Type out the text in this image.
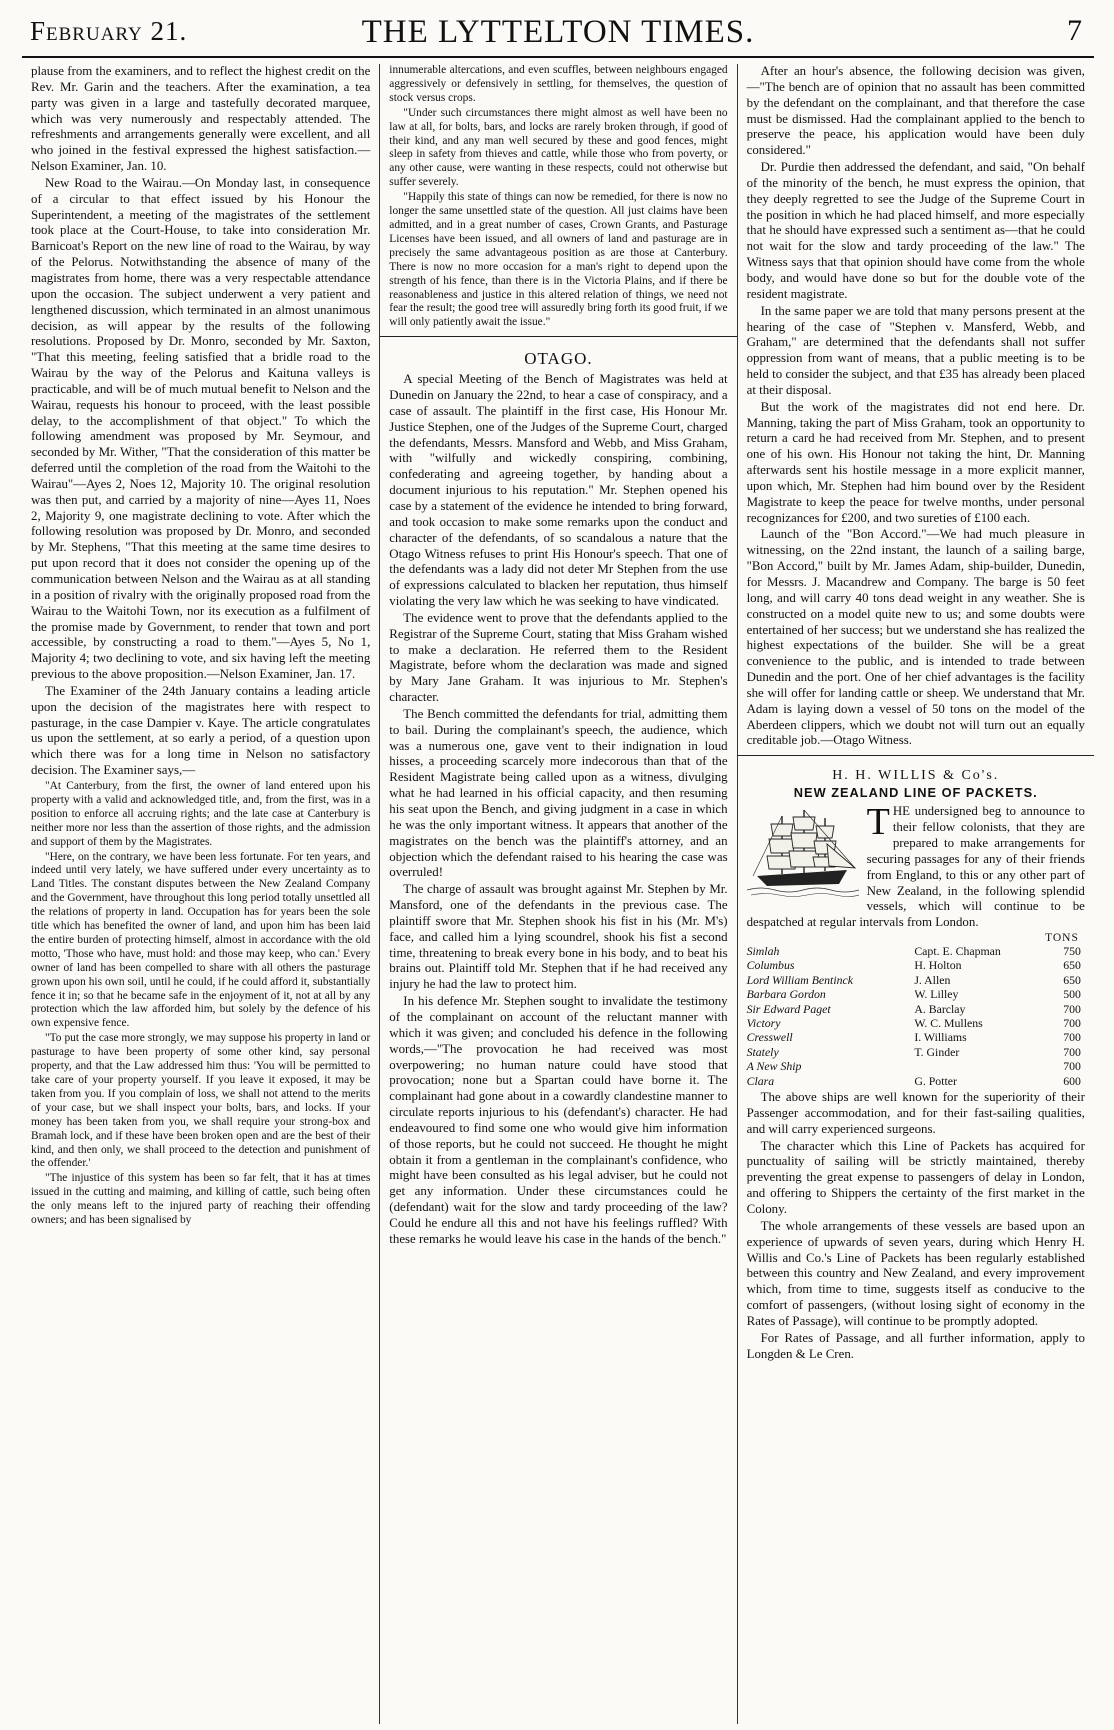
February 21.	THE LYTTELTON TIMES.	7

plause from the examiners, and to reflect the highest credit on the Rev. Mr. Garin and the teachers. After the examination, a tea party was given in a large and tastefully decorated marquee, which was very numerously and respectably attended. The refreshments and arrangements generally were excellent, and all who joined in the festival expressed the highest satisfaction.—Nelson Examiner, Jan. 10.

New Road to the Wairau.—On Monday last, in consequence of a circular to that effect issued by his Honour the Superintendent, a meeting of the magistrates of the settlement took place at the Court-House, to take into consideration Mr. Barnicoat's Report on the new line of road to the Wairau, by way of the Pelorus. Notwithstanding the absence of many of the magistrates from home, there was a very respectable attendance upon the occasion. The subject underwent a very patient and lengthened discussion, which terminated in an almost unanimous decision, as will appear by the results of the following resolutions. Proposed by Dr. Monro, seconded by Mr. Saxton, "That this meeting, feeling satisfied that a bridle road to the Wairau by the way of the Pelorus and Kaituna valleys is practicable, and will be of much mutual benefit to Nelson and the Wairau, requests his honour to proceed, with the least possible delay, to the accomplishment of that object." To which the following amendment was proposed by Mr. Seymour, and seconded by Mr. Wither, "That the consideration of this matter be deferred until the completion of the road from the Waitohi to the Wairau"—Ayes 2, Noes 12, Majority 10. The original resolution was then put, and carried by a majority of nine—Ayes 11, Noes 2, Majority 9, one magistrate declining to vote. After which the following resolution was proposed by Dr. Monro, and seconded by Mr. Stephens, "That this meeting at the same time desires to put upon record that it does not consider the opening up of the communication between Nelson and the Wairau as at all standing in a position of rivalry with the originally proposed road from the Wairau to the Waitohi Town, nor its execution as a fulfilment of the promise made by Government, to render that town and port accessible, by constructing a road to them."—Ayes 5, No 1, Majority 4; two declining to vote, and six having left the meeting previous to the above proposition.—Nelson Examiner, Jan. 17.

The Examiner of the 24th January contains a leading article upon the decision of the magistrates here with respect to pasturage, in the case Dampier v. Kaye. The article congratulates us upon the settlement, at so early a period, of a question upon which there was for a long time in Nelson no satisfactory decision. The Examiner says,—

"At Canterbury, from the first, the owner of land entered upon his property with a valid and acknowledged title, and, from the first, was in a position to enforce all accruing rights; and the late case at Canterbury is neither more nor less than the assertion of those rights, and the admission and support of them by the Magistrates.

"Here, on the contrary, we have been less fortunate. For ten years, and indeed until very lately, we have suffered under every uncertainty as to Land Titles. The constant disputes between the New Zealand Company and the Government, have throughout this long period totally unsettled all the relations of property in land. Occupation has for years been the sole title which has benefited the owner of land, and upon him has been laid the entire burden of protecting himself, almost in accordance with the old motto, 'Those who have, must hold: and those may keep, who can.' Every owner of land has been compelled to share with all others the pasturage grown upon his own soil, until he could, if he could afford it, substantially fence it in; so that he became safe in the enjoyment of it, not at all by any protection which the law afforded him, but solely by the defence of his own expensive fence.

"To put the case more strongly, we may suppose his property in land or pasturage to have been property of some other kind, say personal property, and that the Law addressed him thus: 'You will be permitted to take care of your property yourself. If you leave it exposed, it may be taken from you. If you complain of loss, we shall not attend to the merits of your case, but we shall inspect your bolts, bars, and locks. If your money has been taken from you, we shall require your strong-box and Bramah lock, and if these have been broken open and are the best of their kind, and then only, we shall proceed to the detection and punishment of the offender.'

"The injustice of this system has been so far felt, that it has at times issued in the cutting and maiming, and killing of cattle, such being often the only means left to the injured party of reaching their offending owners; and has been signalised by

innumerable altercations, and even scuffles, between neighbours engaged aggressively or defensively in settling, for themselves, the question of stock versus crops.

"Under such circumstances there might almost as well have been no law at all, for bolts, bars, and locks are rarely broken through, if good of their kind, and any man well secured by these and good fences, might sleep in safety from thieves and cattle, while those who from poverty, or any other cause, were wanting in these respects, could not otherwise but suffer severely.

"Happily this state of things can now be remedied, for there is now no longer the same unsettled state of the question. All just claims have been admitted, and in a great number of cases, Crown Grants, and Pasturage Licenses have been issued, and all owners of land and pasturage are in precisely the same advantageous position as are those at Canterbury. There is now no more occasion for a man's right to depend upon the strength of his fence, than there is in the Victoria Plains, and if there be reasonableness and justice in this altered relation of things, we need not fear the result; the good tree will assuredly bring forth its good fruit, if we will only patiently await the issue."

OTAGO.

A special Meeting of the Bench of Magistrates was held at Dunedin on January the 22nd, to hear a case of conspiracy, and a case of assault. The plaintiff in the first case, His Honour Mr. Justice Stephen, one of the Judges of the Supreme Court, charged the defendants, Messrs. Mansford and Webb, and Miss Graham, with "wilfully and wickedly conspiring, combining, confederating and agreeing together, by handing about a document injurious to his reputation." Mr. Stephen opened his case by a statement of the evidence he intended to bring forward, and took occasion to make some remarks upon the conduct and character of the defendants, of so scandalous a nature that the Otago Witness refuses to print His Honour's speech. That one of the defendants was a lady did not deter Mr Stephen from the use of expressions calculated to blacken her reputation, thus himself violating the very law which he was seeking to have vindicated.

The evidence went to prove that the defendants applied to the Registrar of the Supreme Court, stating that Miss Graham wished to make a declaration. He referred them to the Resident Magistrate, before whom the declaration was made and signed by Mary Jane Graham. It was injurious to Mr. Stephen's character.

The Bench committed the defendants for trial, admitting them to bail. During the complainant's speech, the audience, which was a numerous one, gave vent to their indignation in loud hisses, a proceeding scarcely more indecorous than that of the Resident Magistrate being called upon as a witness, divulging what he had learned in his official capacity, and then resuming his seat upon the Bench, and giving judgment in a case in which he was the only important witness. It appears that another of the magistrates on the bench was the plaintiff's attorney, and an objection which the defendant raised to his hearing the case was overruled!

The charge of assault was brought against Mr. Stephen by Mr. Mansford, one of the defendants in the previous case. The plaintiff swore that Mr. Stephen shook his fist in his (Mr. M's) face, and called him a lying scoundrel, shook his fist a second time, threatening to break every bone in his body, and to beat his brains out. Plaintiff told Mr. Stephen that if he had received any injury he had the law to protect him.

In his defence Mr. Stephen sought to invalidate the testimony of the complainant on account of the reluctant manner with which it was given; and concluded his defence in the following words,—"The provocation he had received was most overpowering; no human nature could have stood that provocation; none but a Spartan could have borne it. The complainant had gone about in a cowardly clandestine manner to circulate reports injurious to his (defendant's) character. He had endeavoured to find some one who would give him information of those reports, but he could not succeed. He thought he might obtain it from a gentleman in the complainant's confidence, who might have been consulted as his legal adviser, but he could not get any information. Under these circumstances could he (defendant) wait for the slow and tardy proceeding of the law? Could he endure all this and not have his feelings ruffled? With these remarks he would leave his case in the hands of the bench."

After an hour's absence, the following decision was given,—"The bench are of opinion that no assault has been committed by the defendant on the complainant, and that therefore the case must be dismissed. Had the complainant applied to the bench to preserve the peace, his application would have been duly considered."

Dr. Purdie then addressed the defendant, and said, "On behalf of the minority of the bench, he must express the opinion, that they deeply regretted to see the Judge of the Supreme Court in the position in which he had placed himself, and more especially that he should have expressed such a sentiment as—that he could not wait for the slow and tardy proceeding of the law." The Witness says that that opinion should have come from the whole body, and would have done so but for the double vote of the resident magistrate.

In the same paper we are told that many persons present at the hearing of the case of "Stephen v. Mansferd, Webb, and Graham," are determined that the defendants shall not suffer oppression from want of means, that a public meeting is to be held to consider the subject, and that £35 has already been placed at their disposal.

But the work of the magistrates did not end here. Dr. Manning, taking the part of Miss Graham, took an opportunity to return a card he had received from Mr. Stephen, and to present one of his own. His Honour not taking the hint, Dr. Manning afterwards sent his hostile message in a more explicit manner, upon which, Mr. Stephen had him bound over by the Resident Magistrate to keep the peace for twelve months, under personal recognizances for £200, and two sureties of £100 each.

Launch of the "Bon Accord."—We had much pleasure in witnessing, on the 22nd instant, the launch of a sailing barge, "Bon Accord," built by Mr. James Adam, ship-builder, Dunedin, for Messrs. J. Macandrew and Company. The barge is 50 feet long, and will carry 40 tons dead weight in any weather. She is constructed on a model quite new to us; and some doubts were entertained of her success; but we understand she has realized the highest expectations of the builder. She will be a great convenience to the public, and is intended to trade between Dunedin and the port. One of her chief advantages is the facility she will offer for landing cattle or sheep. We understand that Mr. Adam is laying down a vessel of 50 tons on the model of the Aberdeen clippers, which we doubt not will turn out an equally creditable job.—Otago Witness.

H. H. WILLIS & Co's.
NEW ZEALAND LINE OF PACKETS.

THE undersigned beg to announce to their fellow colonists, that they are prepared to make arrangements for securing passages for any of their friends from England, to this or any other part of New Zealand, in the following splendid vessels, which will continue to be despatched at regular intervals from London.

TONS
Simlah	Capt. E. Chapman	750
Columbus	H. Holton	650
Lord William Bentinck	J. Allen	650
Barbara Gordon	W. Lilley	500
Sir Edward Paget	A. Barclay	700
Victory	W. C. Mullens	700
Cresswell	I. Williams	700
Stately	T. Ginder	700
A New Ship		700
Clara	G. Potter	600

The above ships are well known for the superiority of their Passenger accommodation, and for their fast-sailing qualities, and will carry experienced surgeons.

The character which this Line of Packets has acquired for punctuality of sailing will be strictly maintained, thereby preventing the great expense to passengers of delay in London, and offering to Shippers the certainty of the first market in the Colony.

The whole arrangements of these vessels are based upon an experience of upwards of seven years, during which Henry H. Willis and Co.'s Line of Packets has been regularly established between this country and New Zealand, and every improvement which, from time to time, suggests itself as conducive to the comfort of passengers, (without losing sight of economy in the Rates of Passage), will continue to be promptly adopted.

For Rates of Passage, and all further information, apply to Longden & Le Cren.
